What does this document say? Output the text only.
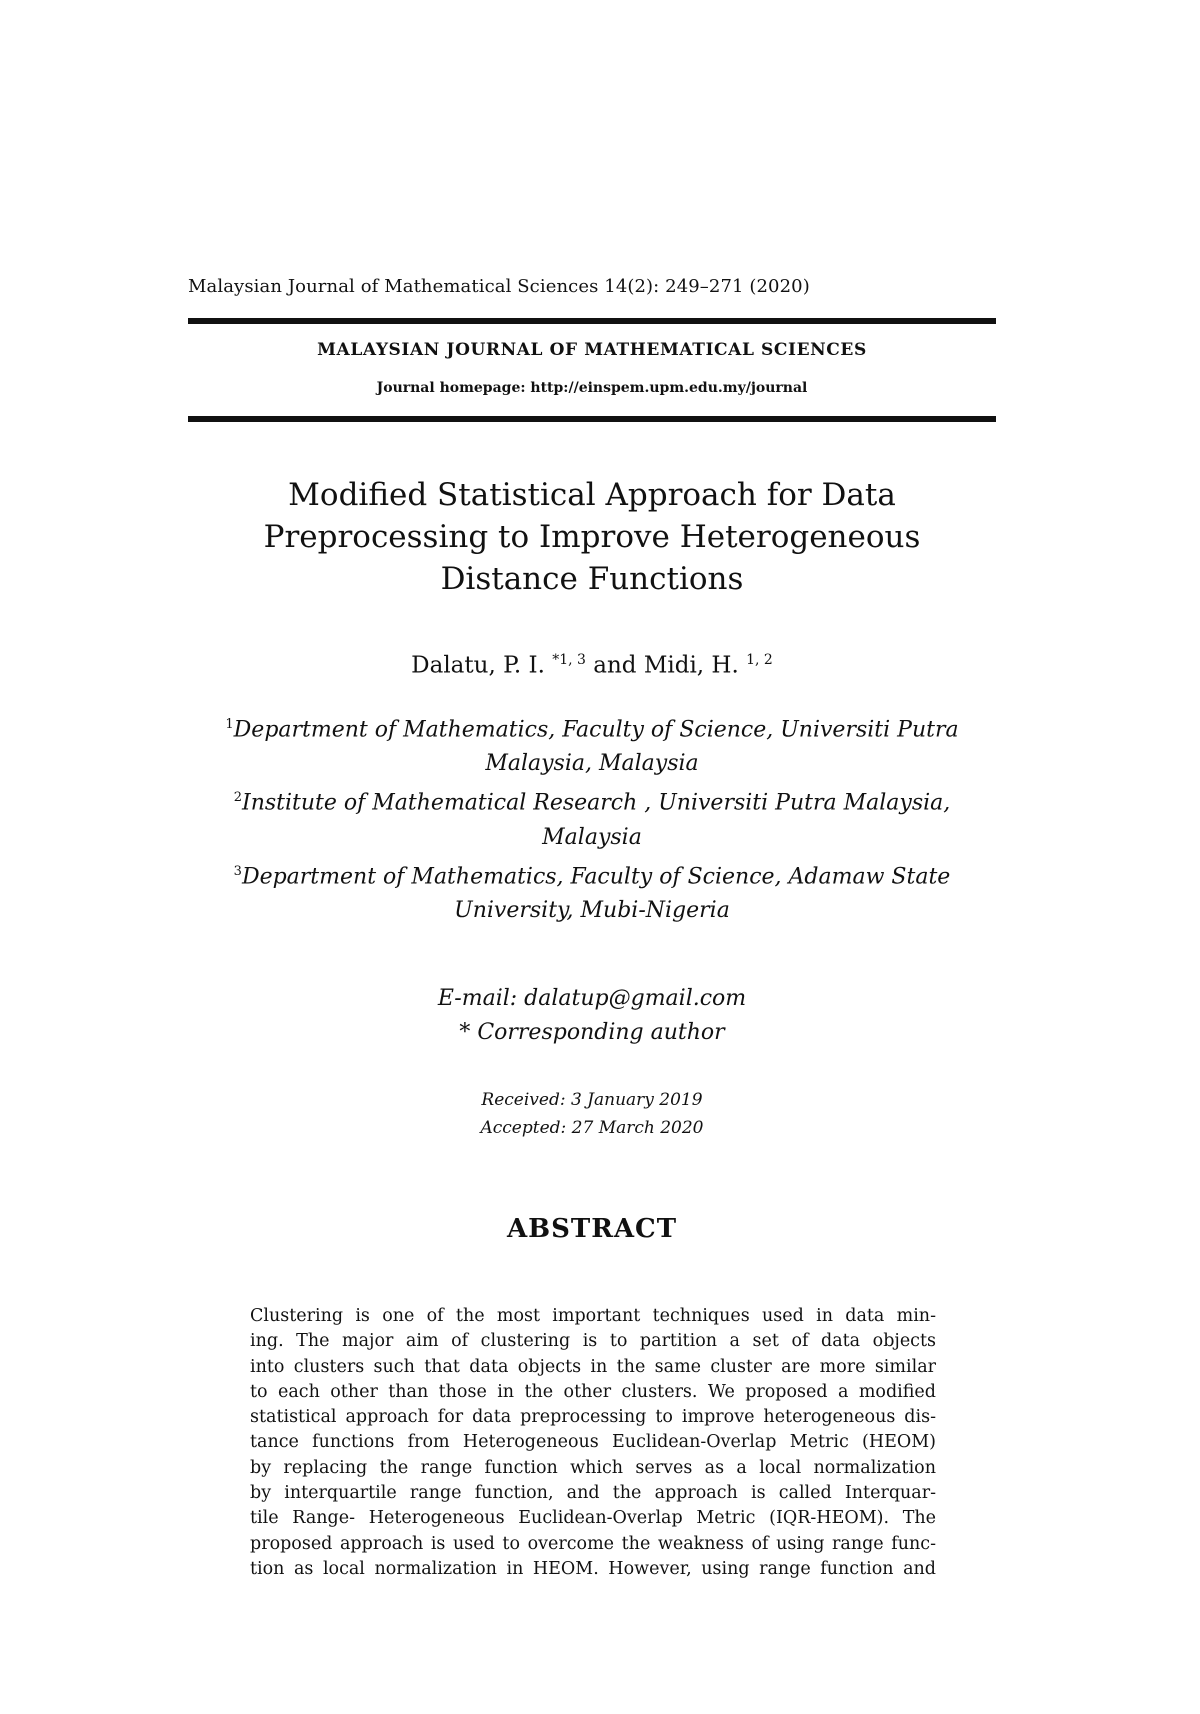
Malaysian Journal of Mathematical Sciences 14(2): 249–271 (2020)
MALAYSIAN JOURNAL OF MATHEMATICAL SCIENCES
Journal homepage: http://einspem.upm.edu.my/journal
Modified Statistical Approach for Data
Preprocessing to Improve Heterogeneous
Distance Functions
Dalatu, P. I. $^{*1, 3}$ and Midi, H. $^{1, 2}$
$^1$Department of Mathematics, Faculty of Science, Universiti Putra
Malaysia, Malaysia
$^2$Institute of Mathematical Research , Universiti Putra Malaysia,
Malaysia
$^3$Department of Mathematics, Faculty of Science, Adamaw State
University, Mubi-Nigeria
E-mail: dalatup@gmail.com
* Corresponding author
Received: 3 January 2019
Accepted: 27 March 2020
ABSTRACT
Clustering is one of the most important techniques used in data min-
ing. The major aim of clustering is to partition a set of data objects
into clusters such that data objects in the same cluster are more similar
to each other than those in the other clusters. We proposed a modified
statistical approach for data preprocessing to improve heterogeneous dis-
tance functions from Heterogeneous Euclidean-Overlap Metric (HEOM)
by replacing the range function which serves as a local normalization
by interquartile range function, and the approach is called Interquar-
tile Range- Heterogeneous Euclidean-Overlap Metric (IQR-HEOM). The
proposed approach is used to overcome the weakness of using range func-
tion as local normalization in HEOM. However, using range function and
